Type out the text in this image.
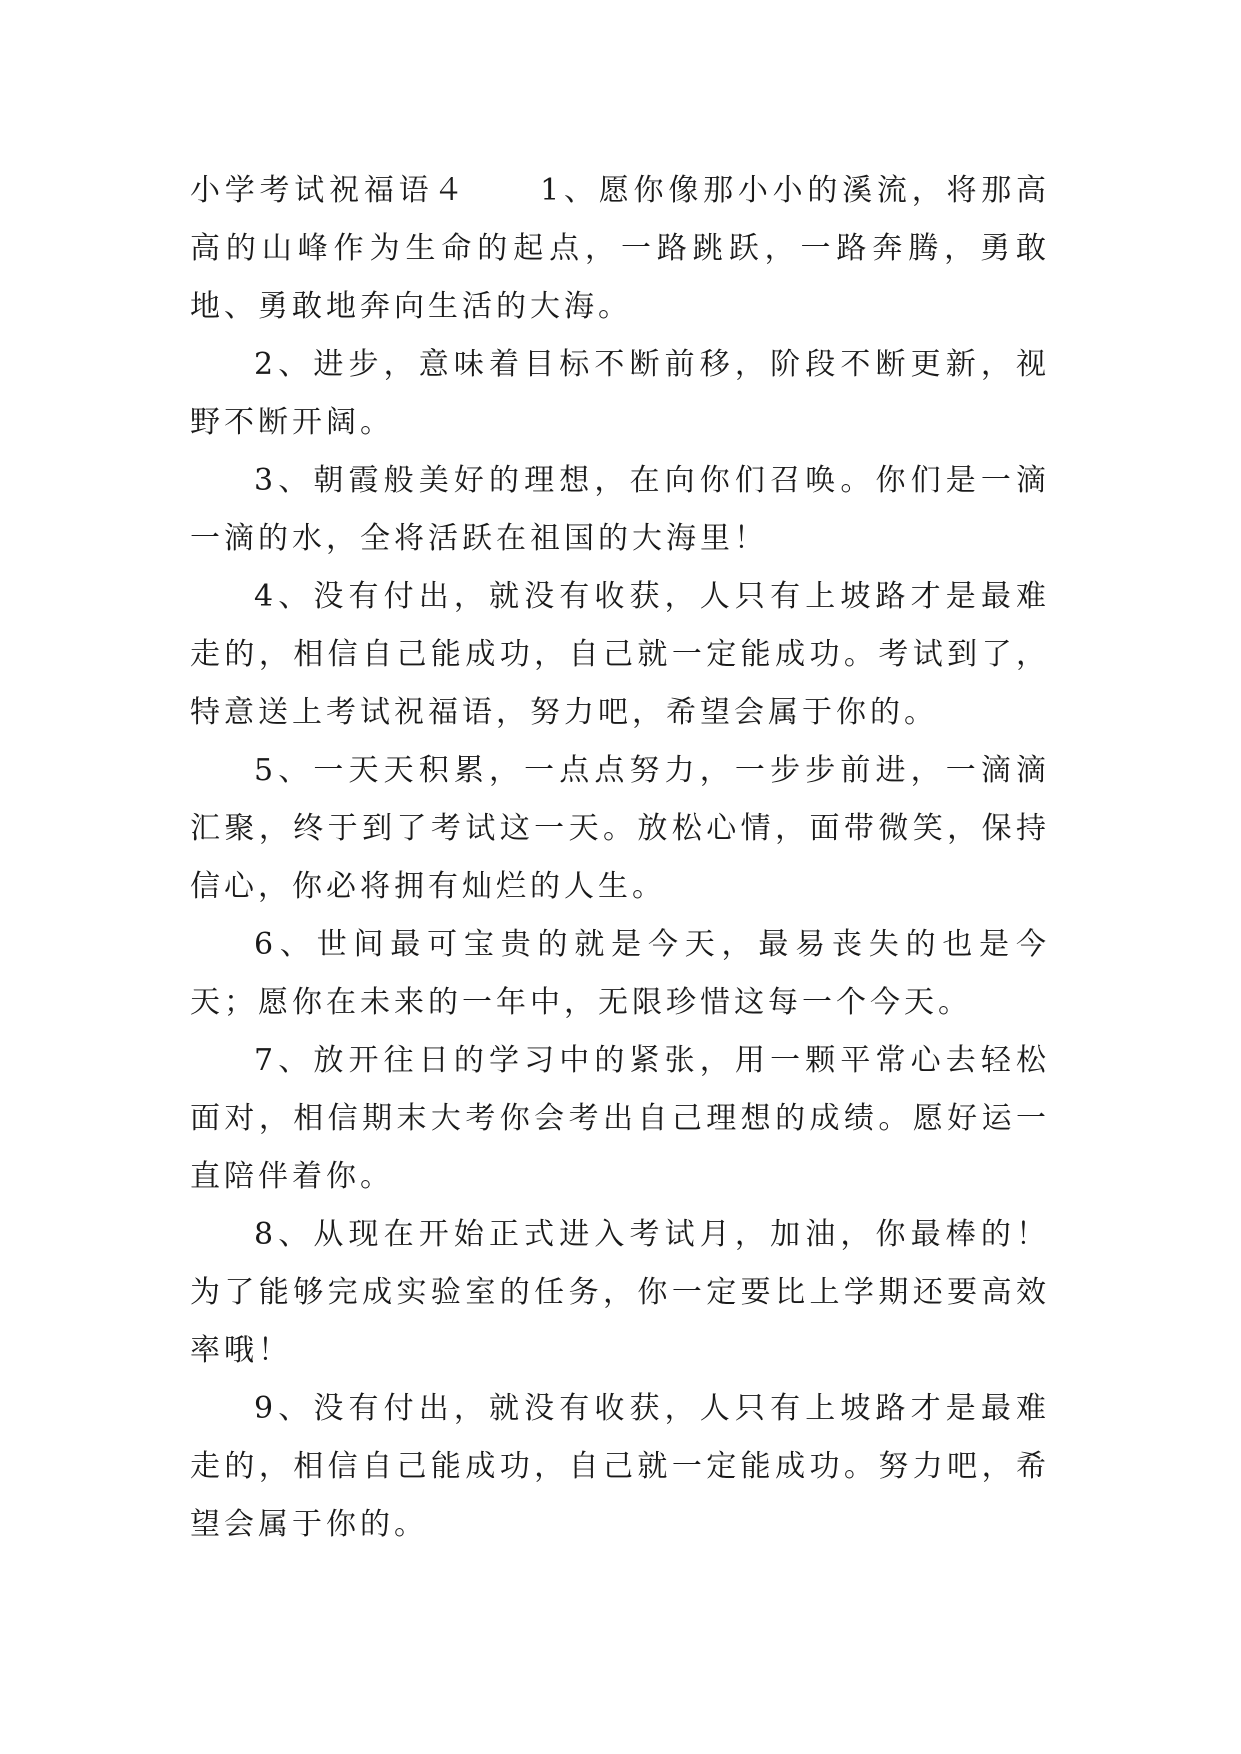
小学考试祝福语４ 1、愿你像那小小的溪流，将那高高的山峰作为生命的起点，一路跳跃，一路奔腾，勇敢地、勇敢地奔向生活的大海。

2、进步，意味着目标不断前移，阶段不断更新，视野不断开阔。

3、朝霞般美好的理想，在向你们召唤。你们是一滴一滴的水，全将活跃在祖国的大海里！

4、没有付出，就没有收获，人只有上坡路才是最难走的，相信自己能成功，自己就一定能成功。考试到了，特意送上考试祝福语，努力吧，希望会属于你的。

5、一天天积累，一点点努力，一步步前进，一滴滴汇聚，终于到了考试这一天。放松心情，面带微笑，保持信心，你必将拥有灿烂的人生。

6、世间最可宝贵的就是今天，最易丧失的也是今天；愿你在未来的一年中，无限珍惜这每一个今天。

7、放开往日的学习中的紧张，用一颗平常心去轻松面对，相信期末大考你会考出自己理想的成绩。愿好运一直陪伴着你。

8、从现在开始正式进入考试月，加油，你最棒的！为了能够完成实验室的任务，你一定要比上学期还要高效率哦！

9、没有付出，就没有收获，人只有上坡路才是最难走的，相信自己能成功，自己就一定能成功。努力吧，希望会属于你的。
